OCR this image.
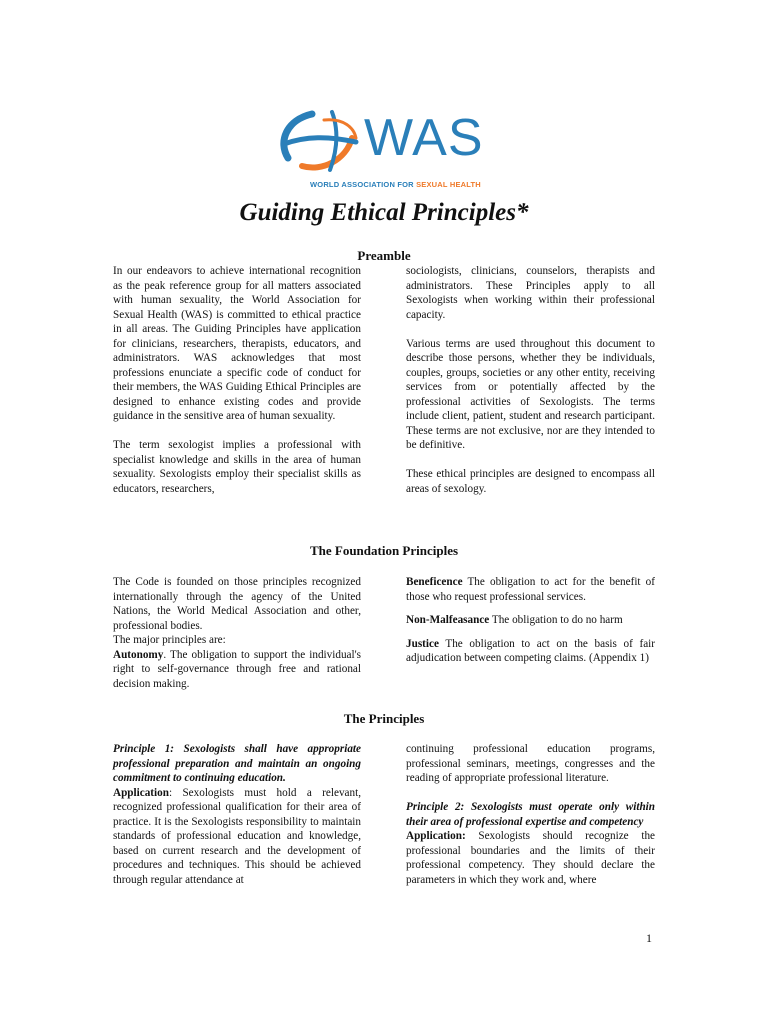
WAS
WORLD ASSOCIATION FOR SEXUAL HEALTH
Guiding Ethical Principles*
Preamble

In our endeavors to achieve international recognition as the peak reference group for all matters associated with human sexuality, the World Association for Sexual Health (WAS) is committed to ethical practice in all areas. The Guiding Principles have application for clinicians, researchers, therapists, educators, and administrators. WAS acknowledges that most professions enunciate a specific code of conduct for their members, the WAS Guiding Ethical Principles are designed to enhance existing codes and provide guidance in the sensitive area of human sexuality.

The term sexologist implies a professional with specialist knowledge and skills in the area of human sexuality. Sexologists employ their specialist skills as educators, researchers,

sociologists, clinicians, counselors, therapists and administrators. These Principles apply to all Sexologists when working within their professional capacity.

Various terms are used throughout this document to describe those persons, whether they be individuals, couples, groups, societies or any other entity, receiving services from or potentially affected by the professional activities of Sexologists. The terms include client, patient, student and research participant. These terms are not exclusive, nor are they intended to be definitive.

These ethical principles are designed to encompass all areas of sexology.

The Foundation Principles

The Code is founded on those principles recognized internationally through the agency of the United Nations, the World Medical Association and other, professional bodies.

The major principles are:

Autonomy. The obligation to support the individual's right to self-governance through free and rational decision making.

Beneficence The obligation to act for the benefit of those who request professional services.

Non-Malfeasance The obligation to do no harm

Justice The obligation to act on the basis of fair adjudication between competing claims. (Appendix 1)

The Principles

Principle 1: Sexologists shall have appropriate professional preparation and maintain an ongoing commitment to continuing education.

Application: Sexologists must hold a relevant, recognized professional qualification for their area of practice. It is the Sexologists responsibility to maintain standards of professional education and knowledge, based on current research and the development of procedures and techniques. This should be achieved through regular attendance at

continuing professional education programs, professional seminars, meetings, congresses and the reading of appropriate professional literature.

Principle 2: Sexologists must operate only within their area of professional expertise and competency

Application: Sexologists should recognize the professional boundaries and the limits of their professional competency. They should declare the parameters in which they work and, where

1
